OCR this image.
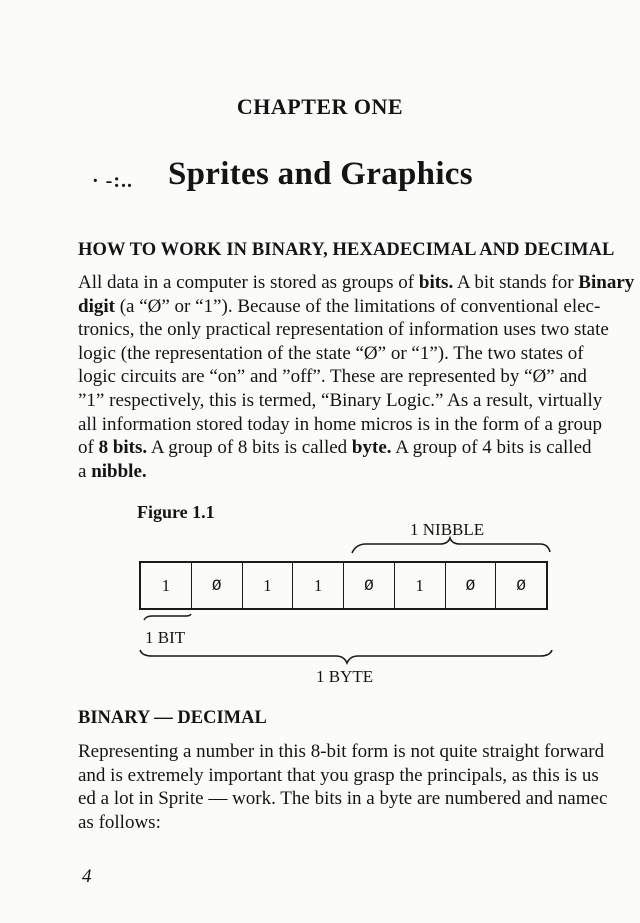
CHAPTER ONE
· -:.. Sprites and Graphics
HOW TO WORK IN BINARY, HEXADECIMAL AND DECIMAL
All data in a computer is stored as groups of bits. A bit stands for Binary
digit (a “Ø” or “1”). Because of the limitations of conventional elec-
tronics, the only practical representation of information uses two state
logic (the representation of the state “Ø” or “1”). The two states of
logic circuits are “on” and ”off”. These are represented by “Ø” and
”1” respectively, this is termed, “Binary Logic.” As a result, virtually
all information stored today in home micros is in the form of a group
of 8 bits. A group of 8 bits is called byte. A group of 4 bits is called
a nibble.
Figure 1.1
1 NIBBLE
1	Ø	1	1	Ø	1	Ø	Ø
1 BIT
1 BYTE
BINARY — DECIMAL
Representing a number in this 8-bit form is not quite straight forward
and is extremely important that you grasp the principals, as this is us
ed a lot in Sprite — work. The bits in a byte are numbered and namec
as follows:
4
